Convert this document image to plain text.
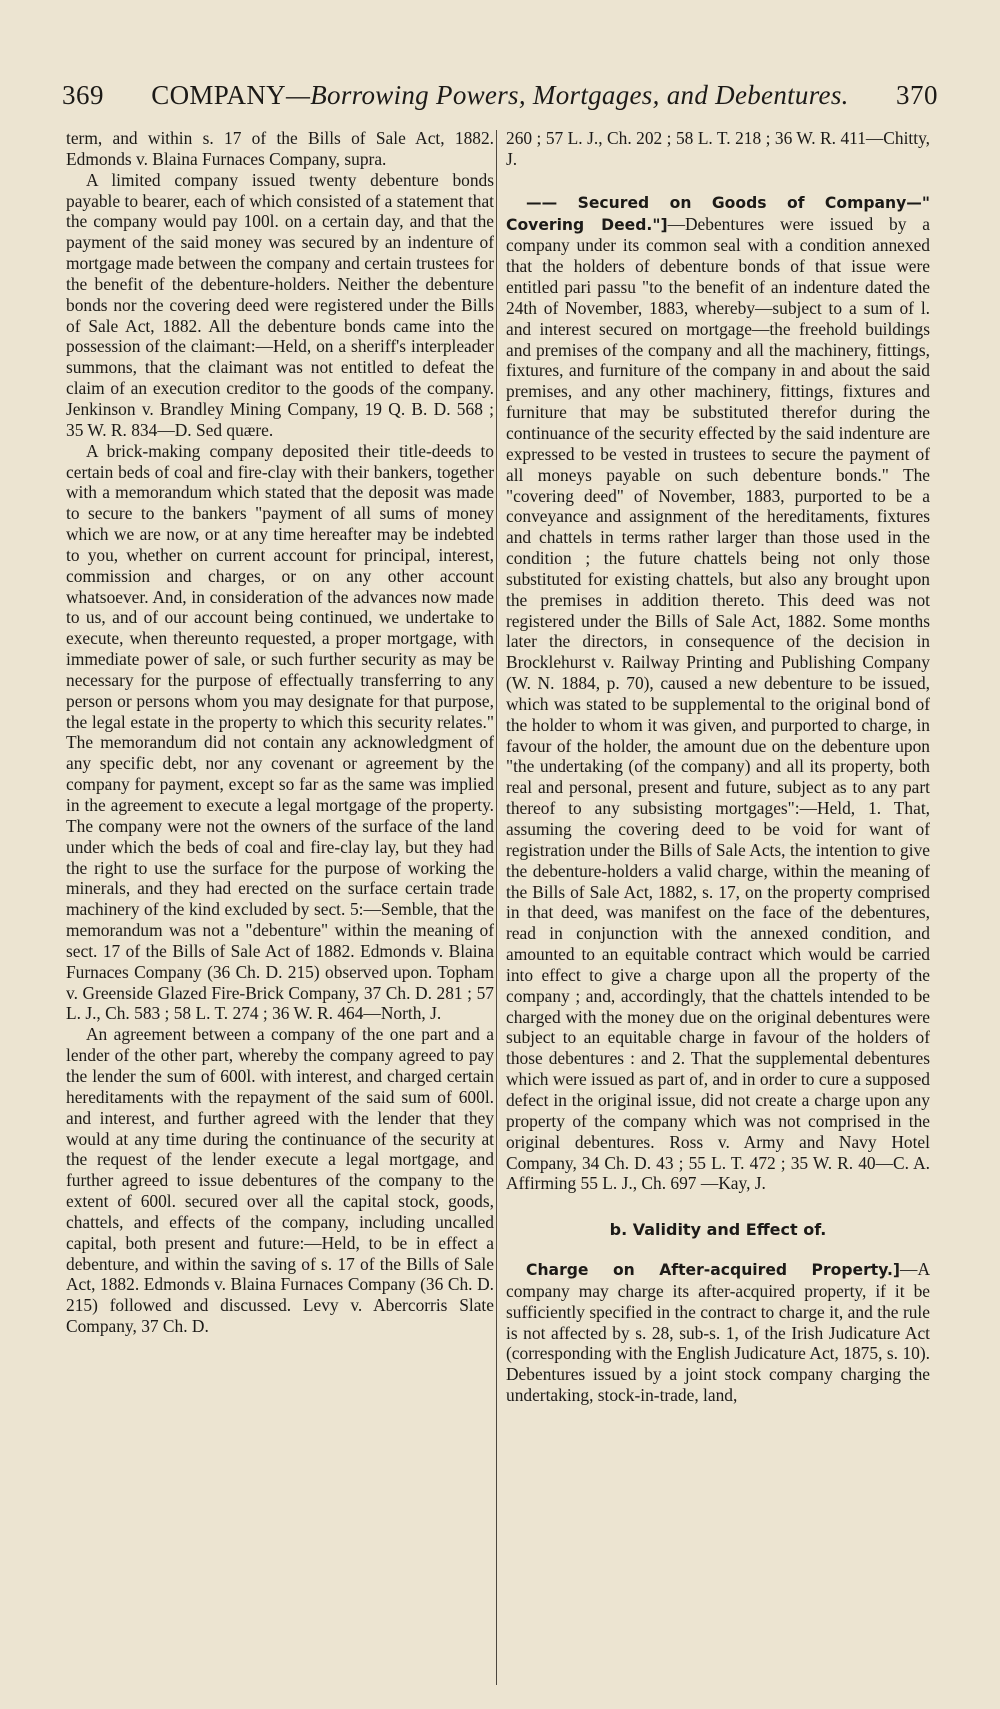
369 COMPANY—Borrowing Powers, Mortgages, and Debentures. 370

term, and within s. 17 of the Bills of Sale Act, 1882. Edmonds v. Blaina Furnaces Company, supra.

A limited company issued twenty debenture bonds payable to bearer, each of which consisted of a statement that the company would pay 100l. on a certain day, and that the payment of the said money was secured by an indenture of mortgage made between the company and certain trustees for the benefit of the debenture-holders. Neither the debenture bonds nor the covering deed were registered under the Bills of Sale Act, 1882. All the debenture bonds came into the possession of the claimant:—Held, on a sheriff's interpleader summons, that the claimant was not entitled to defeat the claim of an execution creditor to the goods of the company. Jenkinson v. Brandley Mining Company, 19 Q. B. D. 568 ; 35 W. R. 834—D. Sed quære.

A brick-making company deposited their title-deeds to certain beds of coal and fire-clay with their bankers, together with a memorandum which stated that the deposit was made to secure to the bankers "payment of all sums of money which we are now, or at any time hereafter may be indebted to you, whether on current account for principal, interest, commission and charges, or on any other account whatsoever. And, in consideration of the advances now made to us, and of our account being continued, we undertake to execute, when thereunto requested, a proper mortgage, with immediate power of sale, or such further security as may be necessary for the purpose of effectually transferring to any person or persons whom you may designate for that purpose, the legal estate in the property to which this security relates." The memorandum did not contain any acknowledgment of any specific debt, nor any covenant or agreement by the company for payment, except so far as the same was implied in the agreement to execute a legal mortgage of the property. The company were not the owners of the surface of the land under which the beds of coal and fire-clay lay, but they had the right to use the surface for the purpose of working the minerals, and they had erected on the surface certain trade machinery of the kind excluded by sect. 5:—Semble, that the memorandum was not a "debenture" within the meaning of sect. 17 of the Bills of Sale Act of 1882. Edmonds v. Blaina Furnaces Company (36 Ch. D. 215) observed upon. Topham v. Greenside Glazed Fire-Brick Company, 37 Ch. D. 281 ; 57 L. J., Ch. 583 ; 58 L. T. 274 ; 36 W. R. 464—North, J.

An agreement between a company of the one part and a lender of the other part, whereby the company agreed to pay the lender the sum of 600l. with interest, and charged certain hereditaments with the repayment of the said sum of 600l. and interest, and further agreed with the lender that they would at any time during the continuance of the security at the request of the lender execute a legal mortgage, and further agreed to issue debentures of the company to the extent of 600l. secured over all the capital stock, goods, chattels, and effects of the company, including uncalled capital, both present and future:—Held, to be in effect a debenture, and within the saving of s. 17 of the Bills of Sale Act, 1882. Edmonds v. Blaina Furnaces Company (36 Ch. D. 215) followed and discussed. Levy v. Abercorris Slate Company, 37 Ch. D.

260 ; 57 L. J., Ch. 202 ; 58 L. T. 218 ; 36 W. R. 411—Chitty, J.

—— Secured on Goods of Company—" Covering Deed."]—Debentures were issued by a company under its common seal with a condition annexed that the holders of debenture bonds of that issue were entitled pari passu "to the benefit of an indenture dated the 24th of November, 1883, whereby—subject to a sum of l. and interest secured on mortgage—the freehold buildings and premises of the company and all the machinery, fittings, fixtures, and furniture of the company in and about the said premises, and any other machinery, fittings, fixtures and furniture that may be substituted therefor during the continuance of the security effected by the said indenture are expressed to be vested in trustees to secure the payment of all moneys payable on such debenture bonds." The "covering deed" of November, 1883, purported to be a conveyance and assignment of the hereditaments, fixtures and chattels in terms rather larger than those used in the condition ; the future chattels being not only those substituted for existing chattels, but also any brought upon the premises in addition thereto. This deed was not registered under the Bills of Sale Act, 1882. Some months later the directors, in consequence of the decision in Brocklehurst v. Railway Printing and Publishing Company (W. N. 1884, p. 70), caused a new debenture to be issued, which was stated to be supplemental to the original bond of the holder to whom it was given, and purported to charge, in favour of the holder, the amount due on the debenture upon "the undertaking (of the company) and all its property, both real and personal, present and future, subject as to any part thereof to any subsisting mortgages":—Held, 1. That, assuming the covering deed to be void for want of registration under the Bills of Sale Acts, the intention to give the debenture-holders a valid charge, within the meaning of the Bills of Sale Act, 1882, s. 17, on the property comprised in that deed, was manifest on the face of the debentures, read in conjunction with the annexed condition, and amounted to an equitable contract which would be carried into effect to give a charge upon all the property of the company ; and, accordingly, that the chattels intended to be charged with the money due on the original debentures were subject to an equitable charge in favour of the holders of those debentures : and 2. That the supplemental debentures which were issued as part of, and in order to cure a supposed defect in the original issue, did not create a charge upon any property of the company which was not comprised in the original debentures. Ross v. Army and Navy Hotel Company, 34 Ch. D. 43 ; 55 L. T. 472 ; 35 W. R. 40—C. A. Affirming 55 L. J., Ch. 697 —Kay, J.

b. Validity and Effect of.

Charge on After-acquired Property.]—A company may charge its after-acquired property, if it be sufficiently specified in the contract to charge it, and the rule is not affected by s. 28, sub-s. 1, of the Irish Judicature Act (corresponding with the English Judicature Act, 1875, s. 10). Debentures issued by a joint stock company charging the undertaking, stock-in-trade, land,
